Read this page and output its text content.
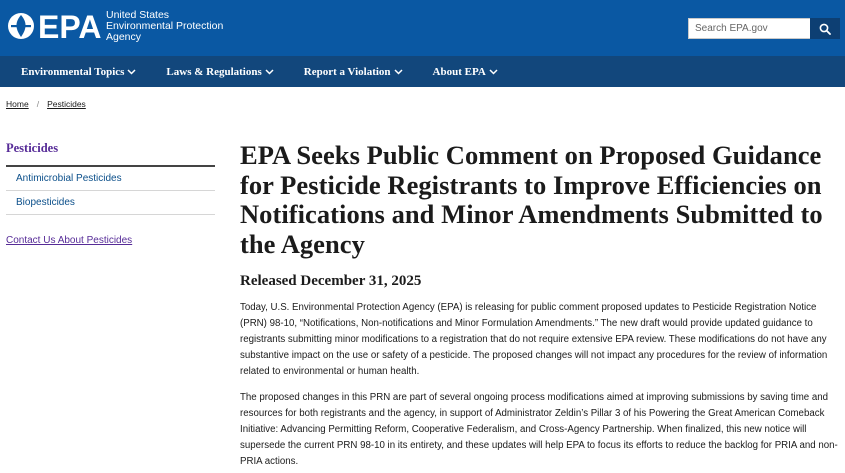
EPA United States
Environmental Protection
Agency
Search EPA.gov
Environmental Topics	Laws & Regulations	Report a Violation	About EPA
Home / Pesticides
Pesticides
Antimicrobial Pesticides
Biopesticides
Contact Us About Pesticides
EPA Seeks Public Comment on Proposed Guidance for Pesticide Registrants to Improve Efficiencies on Notifications and Minor Amendments Submitted to the Agency
Released December 31, 2025

Today, U.S. Environmental Protection Agency (EPA) is releasing for public comment proposed updates to Pesticide Registration Notice (PRN) 98-10, “Notifications, Non-notifications and Minor Formulation Amendments.” The new draft would provide updated guidance to registrants submitting minor modifications to a registration that do not require extensive EPA review. These modifications do not have any substantive impact on the use or safety of a pesticide. The proposed changes will not impact any procedures for the review of information related to environmental or human health.

The proposed changes in this PRN are part of several ongoing process modifications aimed at improving submissions by saving time and resources for both registrants and the agency, in support of Administrator Zeldin’s Pillar 3 of his Powering the Great American Comeback Initiative: Advancing Permitting Reform, Cooperative Federalism, and Cross-Agency Partnership. When finalized, this new notice will supersede the current PRN 98-10 in its entirety, and these updates will help EPA to focus its efforts to reduce the backlog for PRIA and non-PRIA actions.
